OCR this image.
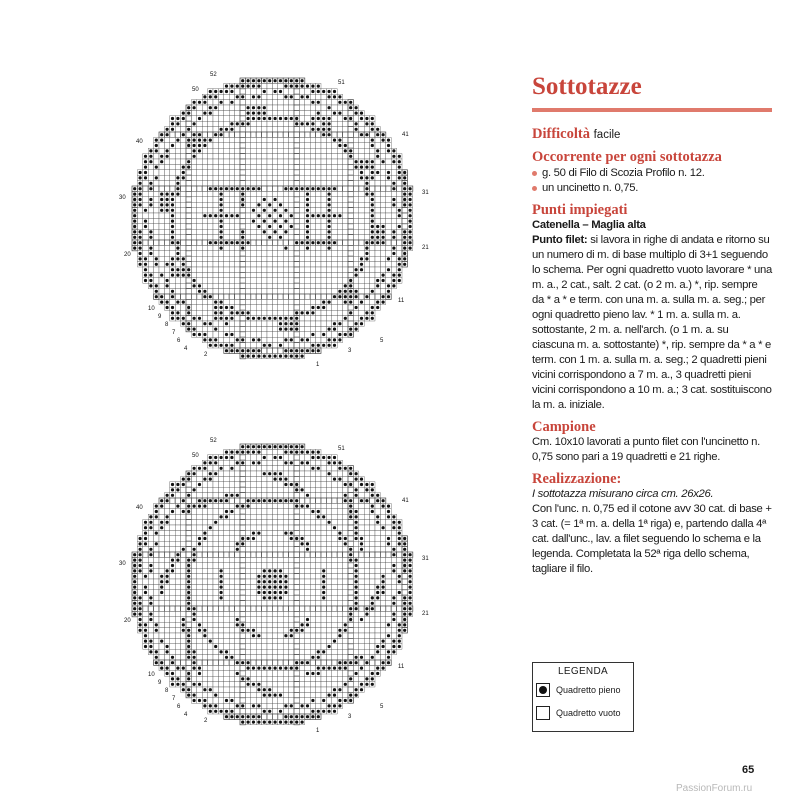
52
51
50
41
40
31
30
21
20
11
10
9
8
7
6	5
4	3
2
1
52
51
50
41
40
31
30
21
20
11
10
9
8
7
6	5
4	3
2
1
Sottotazze

Difficoltà facile

Occorrente per ogni sottotazza

g. 50 di Filo di Scozia Profilo n. 12.
un uncinetto n. 0,75.

Punti impiegati

Catenella – Maglia alta

Punto filet: si lavora in righe di andata e ritorno su un numero di m. di base multiplo di 3+1 seguendo lo schema. Per ogni quadretto vuoto lavorare * una m. a., 2 cat., salt. 2 cat. (o 2 m. a.) *, rip. sempre da * a * e term. con una m. a. sulla m. a. seg.; per ogni quadretto pieno lav. * 1 m. a. sulla m. a. sottostante, 2 m. a. nell'arch. (o 1 m. a. su ciascuna m. a. sottostante) *, rip. sempre da * a * e term. con 1 m. a. sulla m. a. seg.; 2 quadretti pieni vicini corrispondono a 7 m. a., 3 quadretti pieni vicini corrispondono a 10 m. a.; 3 cat. sostituiscono la m. a. iniziale.

Campione

Cm. 10x10 lavorati a punto filet con l'uncinetto n. 0,75 sono pari a 19 quadretti e 21 righe.

Realizzazione:

I sottotazza misurano circa cm. 26x26.

Con l'unc. n. 0,75 ed il cotone avv 30 cat. di base + 3 cat. (= 1ª m. a. della 1ª riga) e, partendo dalla 4ª cat. dall'unc., lav. a filet seguendo lo schema e la legenda. Completata la 52ª riga dello schema, tagliare il filo.

LEGENDA
Quadretto pieno
Quadretto vuoto
65
PassionForum.ru
